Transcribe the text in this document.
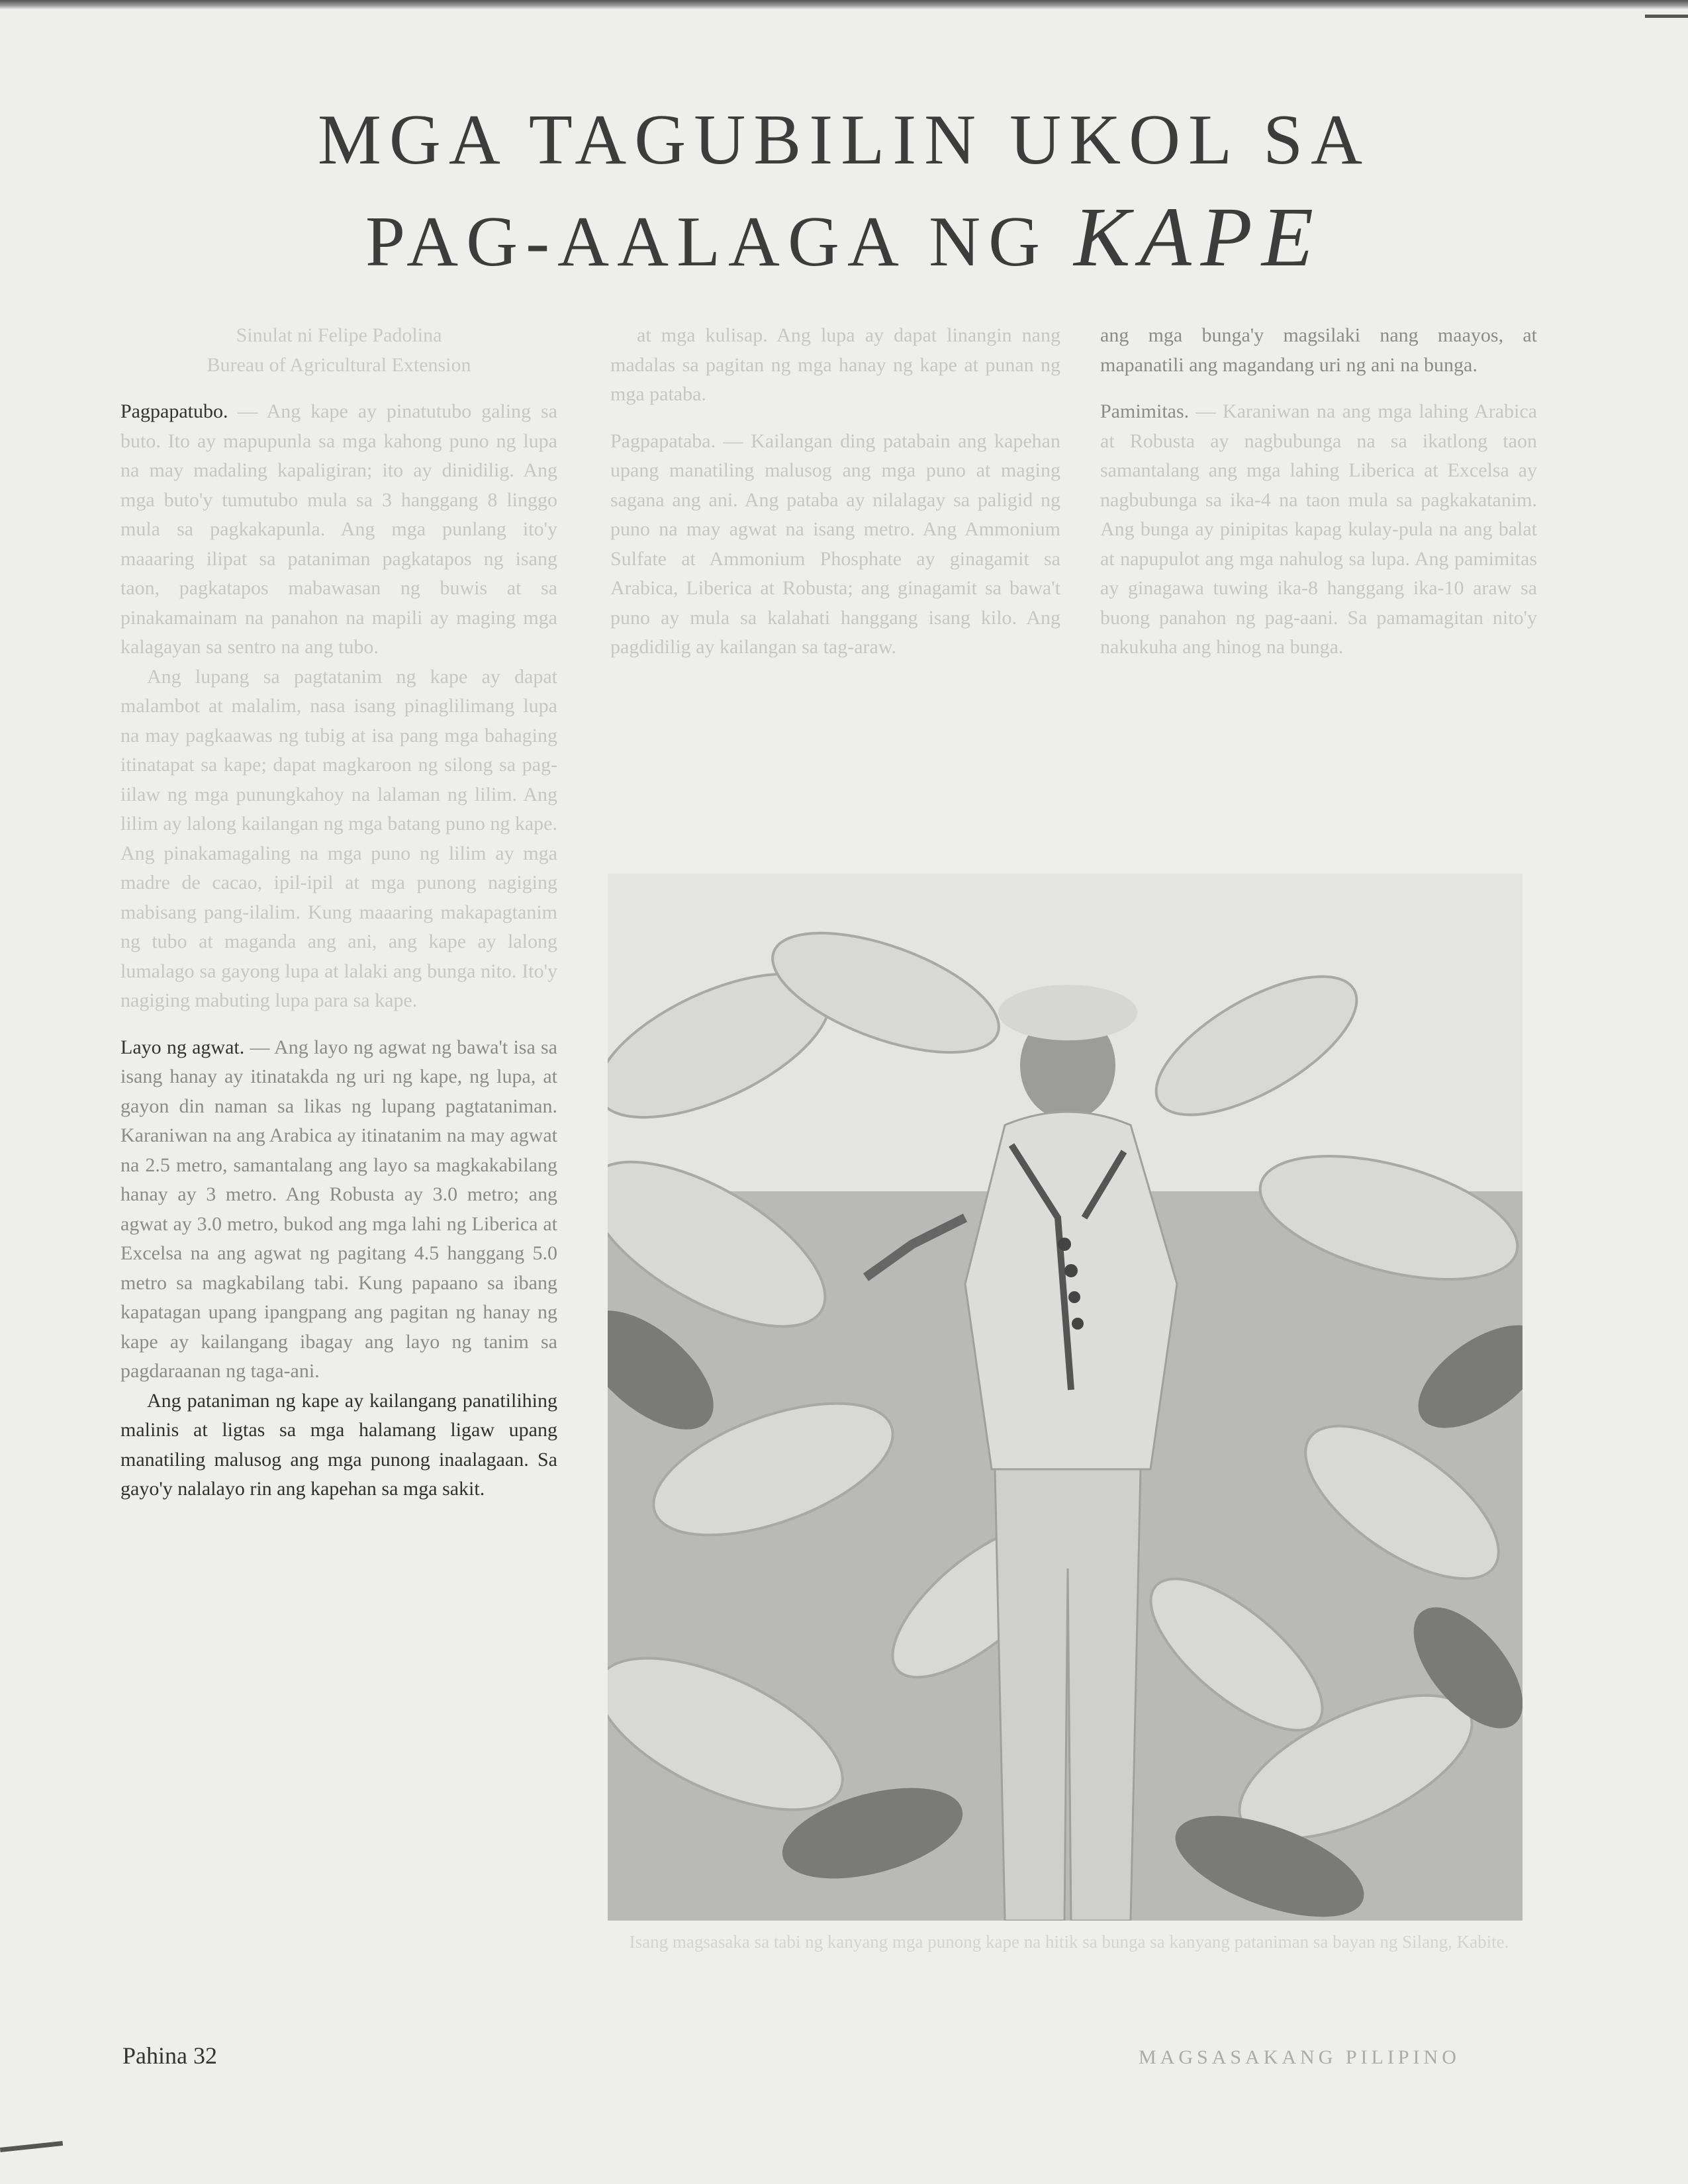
MGA TAGUBILIN UKOL SA
PAG-AALAGA NG KAPE
Sinulat ni Felipe Padolina
Bureau of Agricultural Extension

Pagpapatubo. — Ang kape ay pinatutubo galing sa buto. Ito ay mapupunla sa mga kahong puno ng lupa na may madaling kapaligiran; ito ay dinidilig. Ang mga buto'y tumutubo mula sa 3 hanggang 8 linggo mula sa pagkakapunla. Ang mga punlang ito'y maaaring ilipat sa pataniman pagkatapos ng isang taon, pagkatapos mabawasan ng buwis at sa pinakamainam na panahon na mapili ay maging mga kalagayan sa sentro na ang tubo.

Ang lupang sa pagtatanim ng kape ay dapat malambot at malalim, nasa isang pinaglilimang lupa na may pagkaawas ng tubig at isa pang mga bahaging itinatapat sa kape; dapat magkaroon ng silong sa pag-iilaw ng mga punungkahoy na lalaman ng lilim. Ang lilim ay lalong kailangan ng mga batang puno ng kape. Ang pinakamagaling na mga puno ng lilim ay mga madre de cacao, ipil-ipil at mga punong nagiging mabisang pang-ilalim. Kung maaaring makapagtanim ng tubo at maganda ang ani, ang kape ay lalong lumalago sa gayong lupa at lalaki ang bunga nito. Ito'y nagiging mabuting lupa para sa kape.

Layo ng agwat. — Ang layo ng agwat ng bawa't isa sa isang hanay ay itinatakda ng uri ng kape, ng lupa, at gayon din naman sa likas ng lupang pagtataniman. Karaniwan na ang Arabica ay itinatanim na may agwat na 2.5 metro, samantalang ang layo sa magkakabilang hanay ay 3 metro. Ang Robusta ay 3.0 metro; ang agwat ay 3.0 metro, bukod ang mga lahi ng Liberica at Excelsa na ang agwat ng pagitang 4.5 hanggang 5.0 metro sa magkabilang tabi. Kung papaano sa ibang kapatagan upang ipangpang ang pagitan ng hanay ng kape ay kailangang ibagay ang layo ng tanim sa pagdaraanan ng taga-ani.

Ang pataniman ng kape ay kailangang panatilihing malinis at ligtas sa mga halamang ligaw upang manatiling malusog ang mga punong inaalagaan. Sa gayo'y nalalayo rin ang kapehan sa mga sakit.

at mga kulisap. Ang lupa ay dapat linangin nang madalas sa pagitan ng mga hanay ng kape at punan ng mga pataba.

Pagpapataba. — Kailangan ding patabain ang kapehan upang manatiling malusog ang mga puno at maging sagana ang ani. Ang pataba ay nilalagay sa paligid ng puno na may agwat na isang metro. Ang Ammonium Sulfate at Ammonium Phosphate ay ginagamit sa Arabica, Liberica at Robusta; ang ginagamit sa bawa't puno ay mula sa kalahati hanggang isang kilo. Ang pagdidilig ay kailangan sa tag-araw.

ang mga bunga'y magsilaki nang maayos, at mapanatili ang magandang uri ng ani na bunga.

Pamimitas. — Karaniwan na ang mga lahing Arabica at Robusta ay nagbubunga na sa ikatlong taon samantalang ang mga lahing Liberica at Excelsa ay nagbubunga sa ika-4 na taon mula sa pagkakatanim. Ang bunga ay pinipitas kapag kulay-pula na ang balat at napupulot ang mga nahulog sa lupa. Ang pamimitas ay ginagawa tuwing ika-8 hanggang ika-10 araw sa buong panahon ng pag-aani. Sa pamamagitan nito'y nakukuha ang hinog na bunga.

Isang magsasaka sa tabi ng kanyang mga punong kape na hitik sa bunga sa kanyang pataniman sa bayan ng Silang, Kabite.
Pahina 32	MAGSASAKANG PILIPINO
